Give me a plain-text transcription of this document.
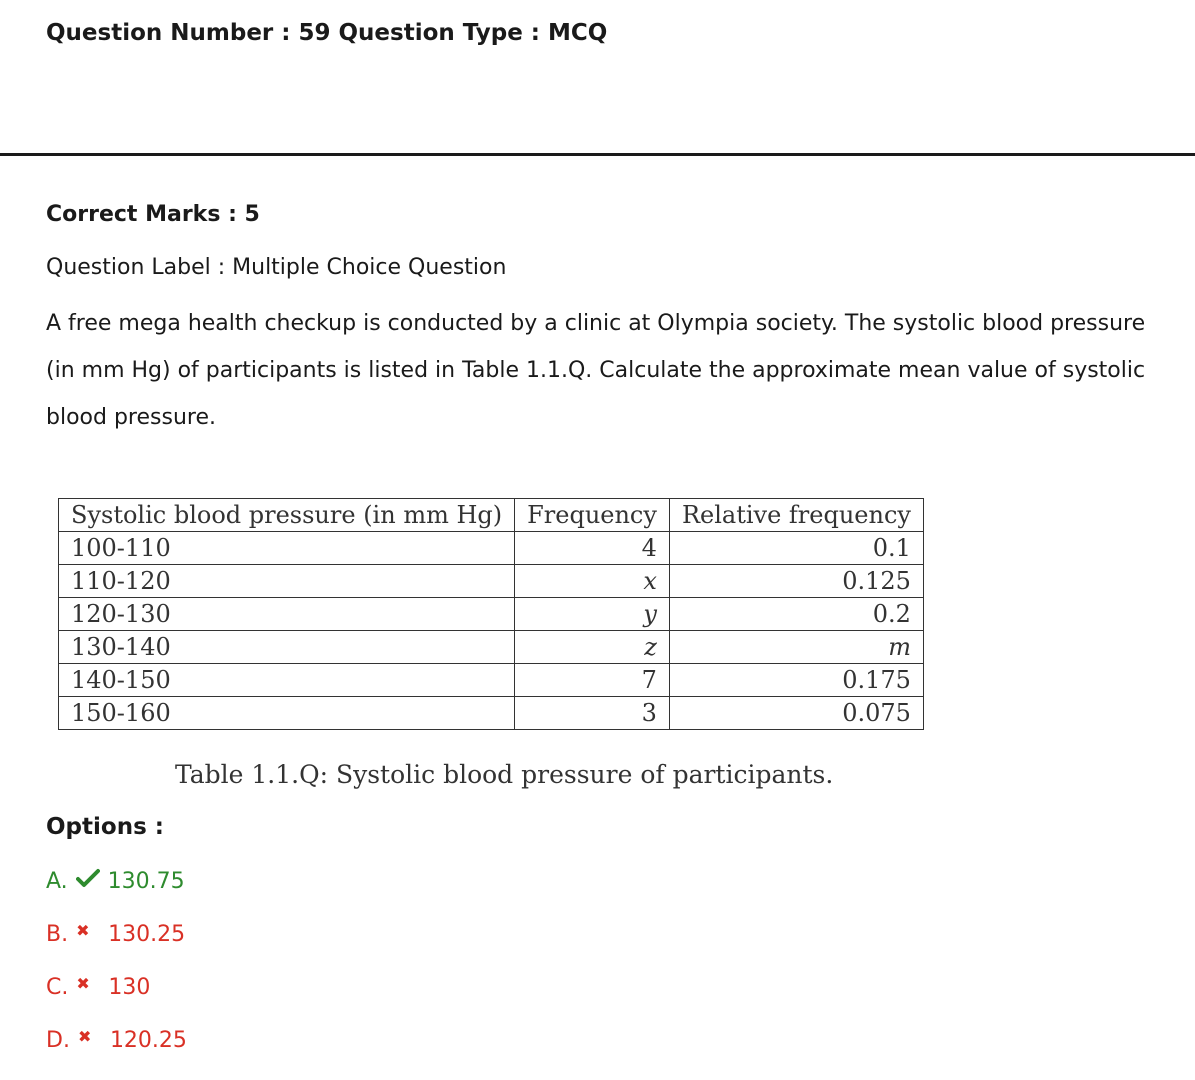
Question Number : 59 Question Type : MCQ
Correct Marks : 5
Question Label : Multiple Choice Question
A free mega health checkup is conducted by a clinic at Olympia society. The systolic blood pressure (in mm Hg) of participants is listed in Table 1.1.Q. Calculate the approximate mean value of systolic blood pressure.
Systolic blood pressure (in mm Hg)	Frequency	Relative frequency
100-110	4	0.1
110-120	x	0.125
120-130	y	0.2
130-140	z	m
140-150	7	0.175
150-160	3	0.075
Table 1.1.Q: Systolic blood pressure of participants.
Options :
A. 130.75
B. ✖ 130.25
C. ✖ 130
D. ✖ 120.25
